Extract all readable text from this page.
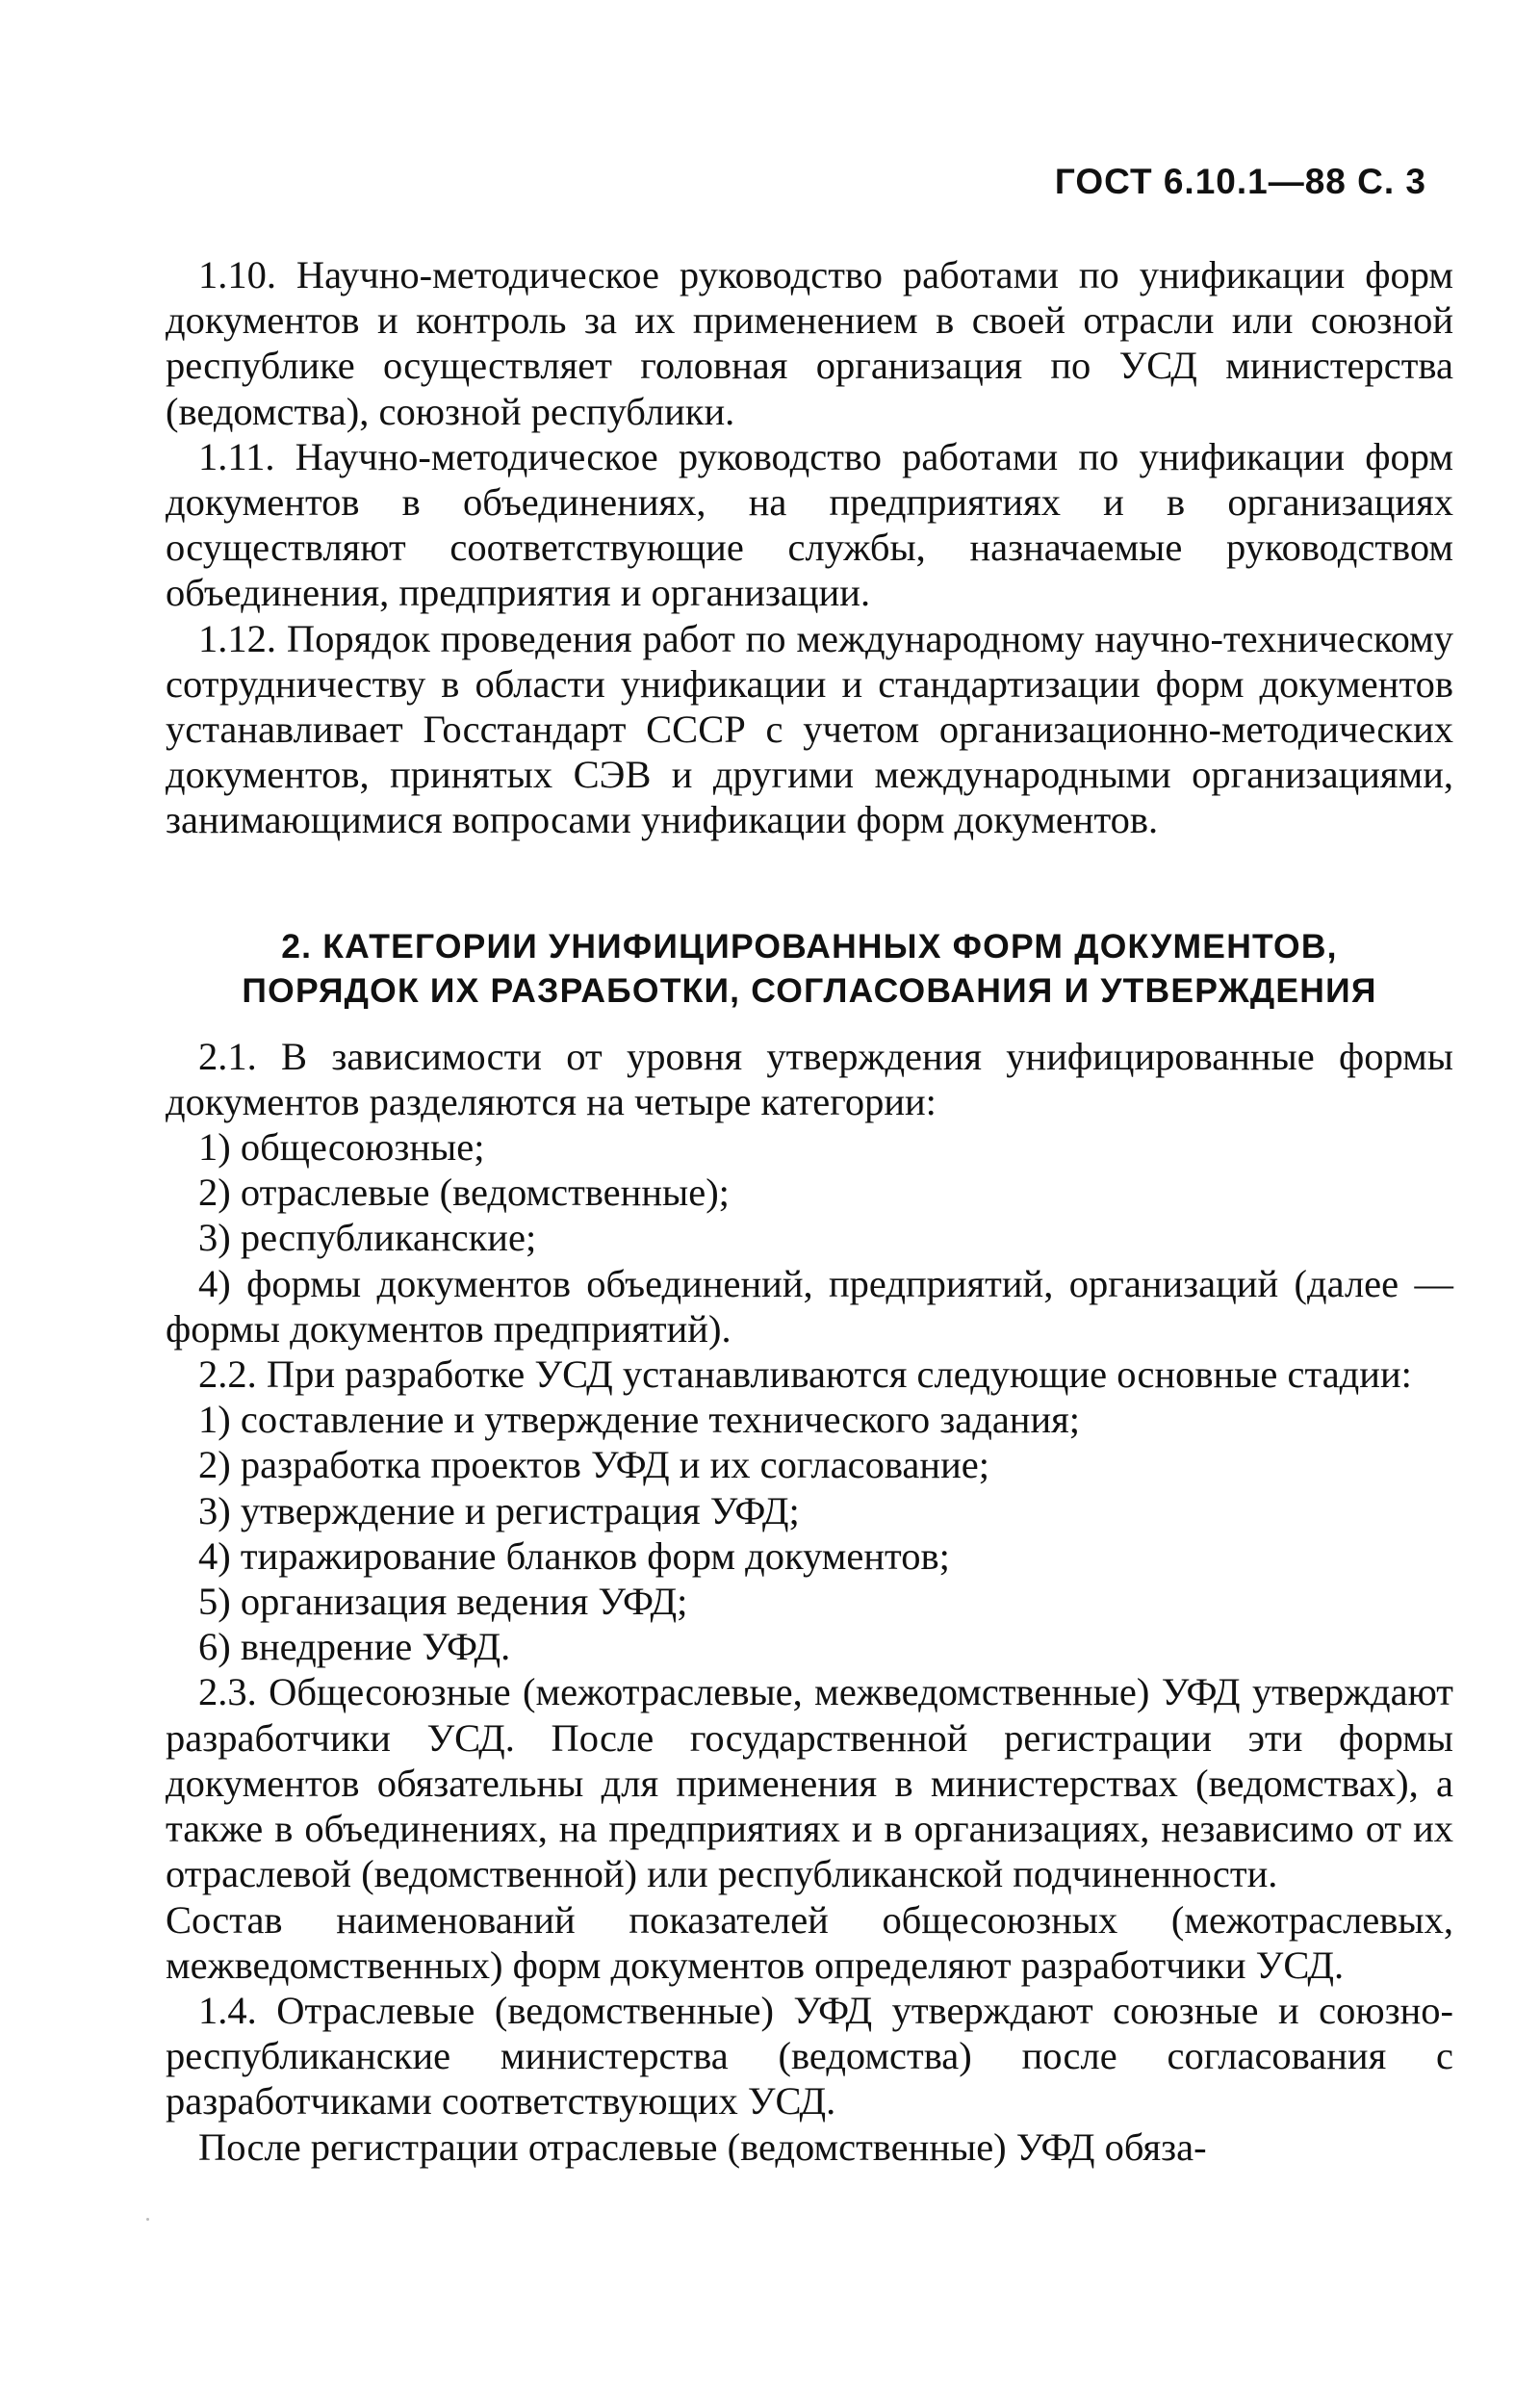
ГОСТ 6.10.1—88 С. 3

1.10. Научно-методическое руководство работами по унификации форм документов и контроль за их применением в своей отрасли или союзной республике осуществляет головная организация по УСД министерства (ведомства), союзной республики.

1.11. Научно-методическое руководство работами по унификации форм документов в объединениях, на предприятиях и в организациях осуществляют соответствующие службы, назначаемые руководством объединения, предприятия и организации.

1.12. Порядок проведения работ по международному научно-техническому сотрудничеству в области унификации и стандартизации форм документов устанавливает Госстандарт СССР с учетом организационно-методических документов, принятых СЭВ и другими международными организациями, занимающимися вопросами унификации форм документов.

2. КАТЕГОРИИ УНИФИЦИРОВАННЫХ ФОРМ ДОКУМЕНТОВ,
ПОРЯДОК ИХ РАЗРАБОТКИ, СОГЛАСОВАНИЯ И УТВЕРЖДЕНИЯ

2.1. В зависимости от уровня утверждения унифицированные формы документов разделяются на четыре категории:

1) общесоюзные;

2) отраслевые (ведомственные);

3) республиканские;

4) формы документов объединений, предприятий, организаций (далее — формы документов предприятий).

2.2. При разработке УСД устанавливаются следующие основные стадии:

1) составление и утверждение технического задания;

2) разработка проектов УФД и их согласование;

3) утверждение и регистрация УФД;

4) тиражирование бланков форм документов;

5) организация ведения УФД;

6) внедрение УФД.

2.3. Общесоюзные (межотраслевые, межведомственные) УФД утверждают разработчики УСД. После государственной регистрации эти формы документов обязательны для применения в министерствах (ведомствах), а также в объединениях, на предприятиях и в организациях, независимо от их отраслевой (ведомственной) или республиканской подчиненности.

Состав наименований показателей общесоюзных (межотраслевых, межведомственных) форм документов определяют разработчики УСД.

1.4. Отраслевые (ведомственные) УФД утверждают союзные и союзно-республиканские министерства (ведомства) после согласования с разработчиками соответствующих УСД.

После регистрации отраслевые (ведомственные) УФД обяза-
